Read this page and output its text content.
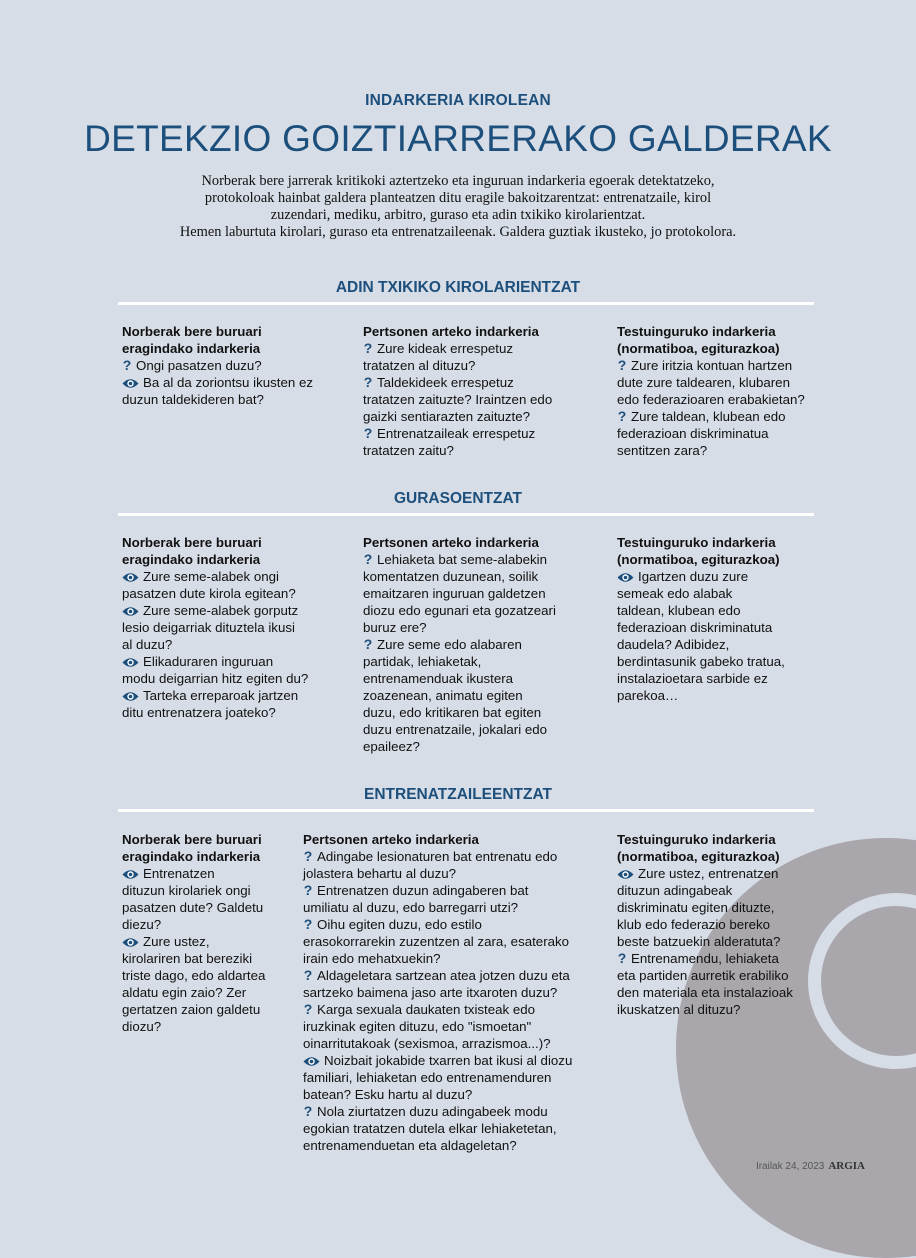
INDARKERIA KIROLEAN
DETEKZIO GOIZTIARRERAKO GALDERAK
Norberak bere jarrerak kritikoki aztertzeko eta inguruan indarkeria egoerak detektatzeko,
protokoloak hainbat galdera planteatzen ditu eragile bakoitzarentzat: entrenatzaile, kirol
zuzendari, mediku, arbitro, guraso eta adin txikiko kirolarientzat.
Hemen laburtuta kirolari, guraso eta entrenatzaileenak. Galdera guztiak ikusteko, jo protokolora.
ADIN TXIKIKO KIROLARIENTZAT
Norberak bere buruari
eragindako indarkeria
? Ongi pasatzen duzu?
Ba al da zoriontsu ikusten ez
duzun taldekideren bat?
Pertsonen arteko indarkeria
? Zure kideak errespetuz
tratatzen al dituzu?
? Taldekideek errespetuz
tratatzen zaituzte? Iraintzen edo
gaizki sentiarazten zaituzte?
? Entrenatzaileak errespetuz
tratatzen zaitu?
Testuinguruko indarkeria
(normatiboa, egiturazkoa)
? Zure iritzia kontuan hartzen
dute zure taldearen, klubaren
edo federazioaren erabakietan?
? Zure taldean, klubean edo
federazioan diskriminatua
sentitzen zara?
GURASOENTZAT
Norberak bere buruari
eragindako indarkeria
Zure seme-alabek ongi
pasatzen dute kirola egitean?
Zure seme-alabek gorputz
lesio deigarriak dituztela ikusi
al duzu?
Elikaduraren inguruan
modu deigarrian hitz egiten du?
Tarteka erreparoak jartzen
ditu entrenatzera joateko?
Pertsonen arteko indarkeria
? Lehiaketa bat seme-alabekin
komentatzen duzunean, soilik
emaitzaren inguruan galdetzen
diozu edo egunari eta gozatzeari
buruz ere?
? Zure seme edo alabaren
partidak, lehiaketak,
entrenamenduak ikustera
zoazenean, animatu egiten
duzu, edo kritikaren bat egiten
duzu entrenatzaile, jokalari edo
epaileez?
Testuinguruko indarkeria
(normatiboa, egiturazkoa)
Igartzen duzu zure
semeak edo alabak
taldean, klubean edo
federazioan diskriminatuta
daudela? Adibidez,
berdintasunik gabeko tratua,
instalazioetara sarbide ez
parekoa…
ENTRENATZAILEENTZAT
Norberak bere buruari
eragindako indarkeria
Entrenatzen
dituzun kirolariek ongi
pasatzen dute? Galdetu
diezu?
Zure ustez,
kirolariren bat bereziki
triste dago, edo aldartea
aldatu egin zaio? Zer
gertatzen zaion galdetu
diozu?
Pertsonen arteko indarkeria
? Adingabe lesionaturen bat entrenatu edo
jolastera behartu al duzu?
? Entrenatzen duzun adingaberen bat
umiliatu al duzu, edo barregarri utzi?
? Oihu egiten duzu, edo estilo
erasokorrarekin zuzentzen al zara, esaterako
irain edo mehatxuekin?
? Aldageletara sartzean atea jotzen duzu eta
sartzeko baimena jaso arte itxaroten duzu?
? Karga sexuala daukaten txisteak edo
iruzkinak egiten dituzu, edo "ismoetan"
oinarritutakoak (sexismoa, arrazismoa...)?
Noizbait jokabide txarren bat ikusi al diozu
familiari, lehiaketan edo entrenamenduren
batean? Esku hartu al duzu?
? Nola ziurtatzen duzu adingabeek modu
egokian tratatzen dutela elkar lehiaketetan,
entrenamenduetan eta aldageletan?
Testuinguruko indarkeria
(normatiboa, egiturazkoa)
Zure ustez, entrenatzen
dituzun adingabeak
diskriminatu egiten dituzte,
klub edo federazio bereko
beste batzuekin alderatuta?
? Entrenamendu, lehiaketa
eta partiden aurretik erabiliko
den materiala eta instalazioak
ikuskatzen al dituzu?
Irailak 24, 2023 ARGIA
